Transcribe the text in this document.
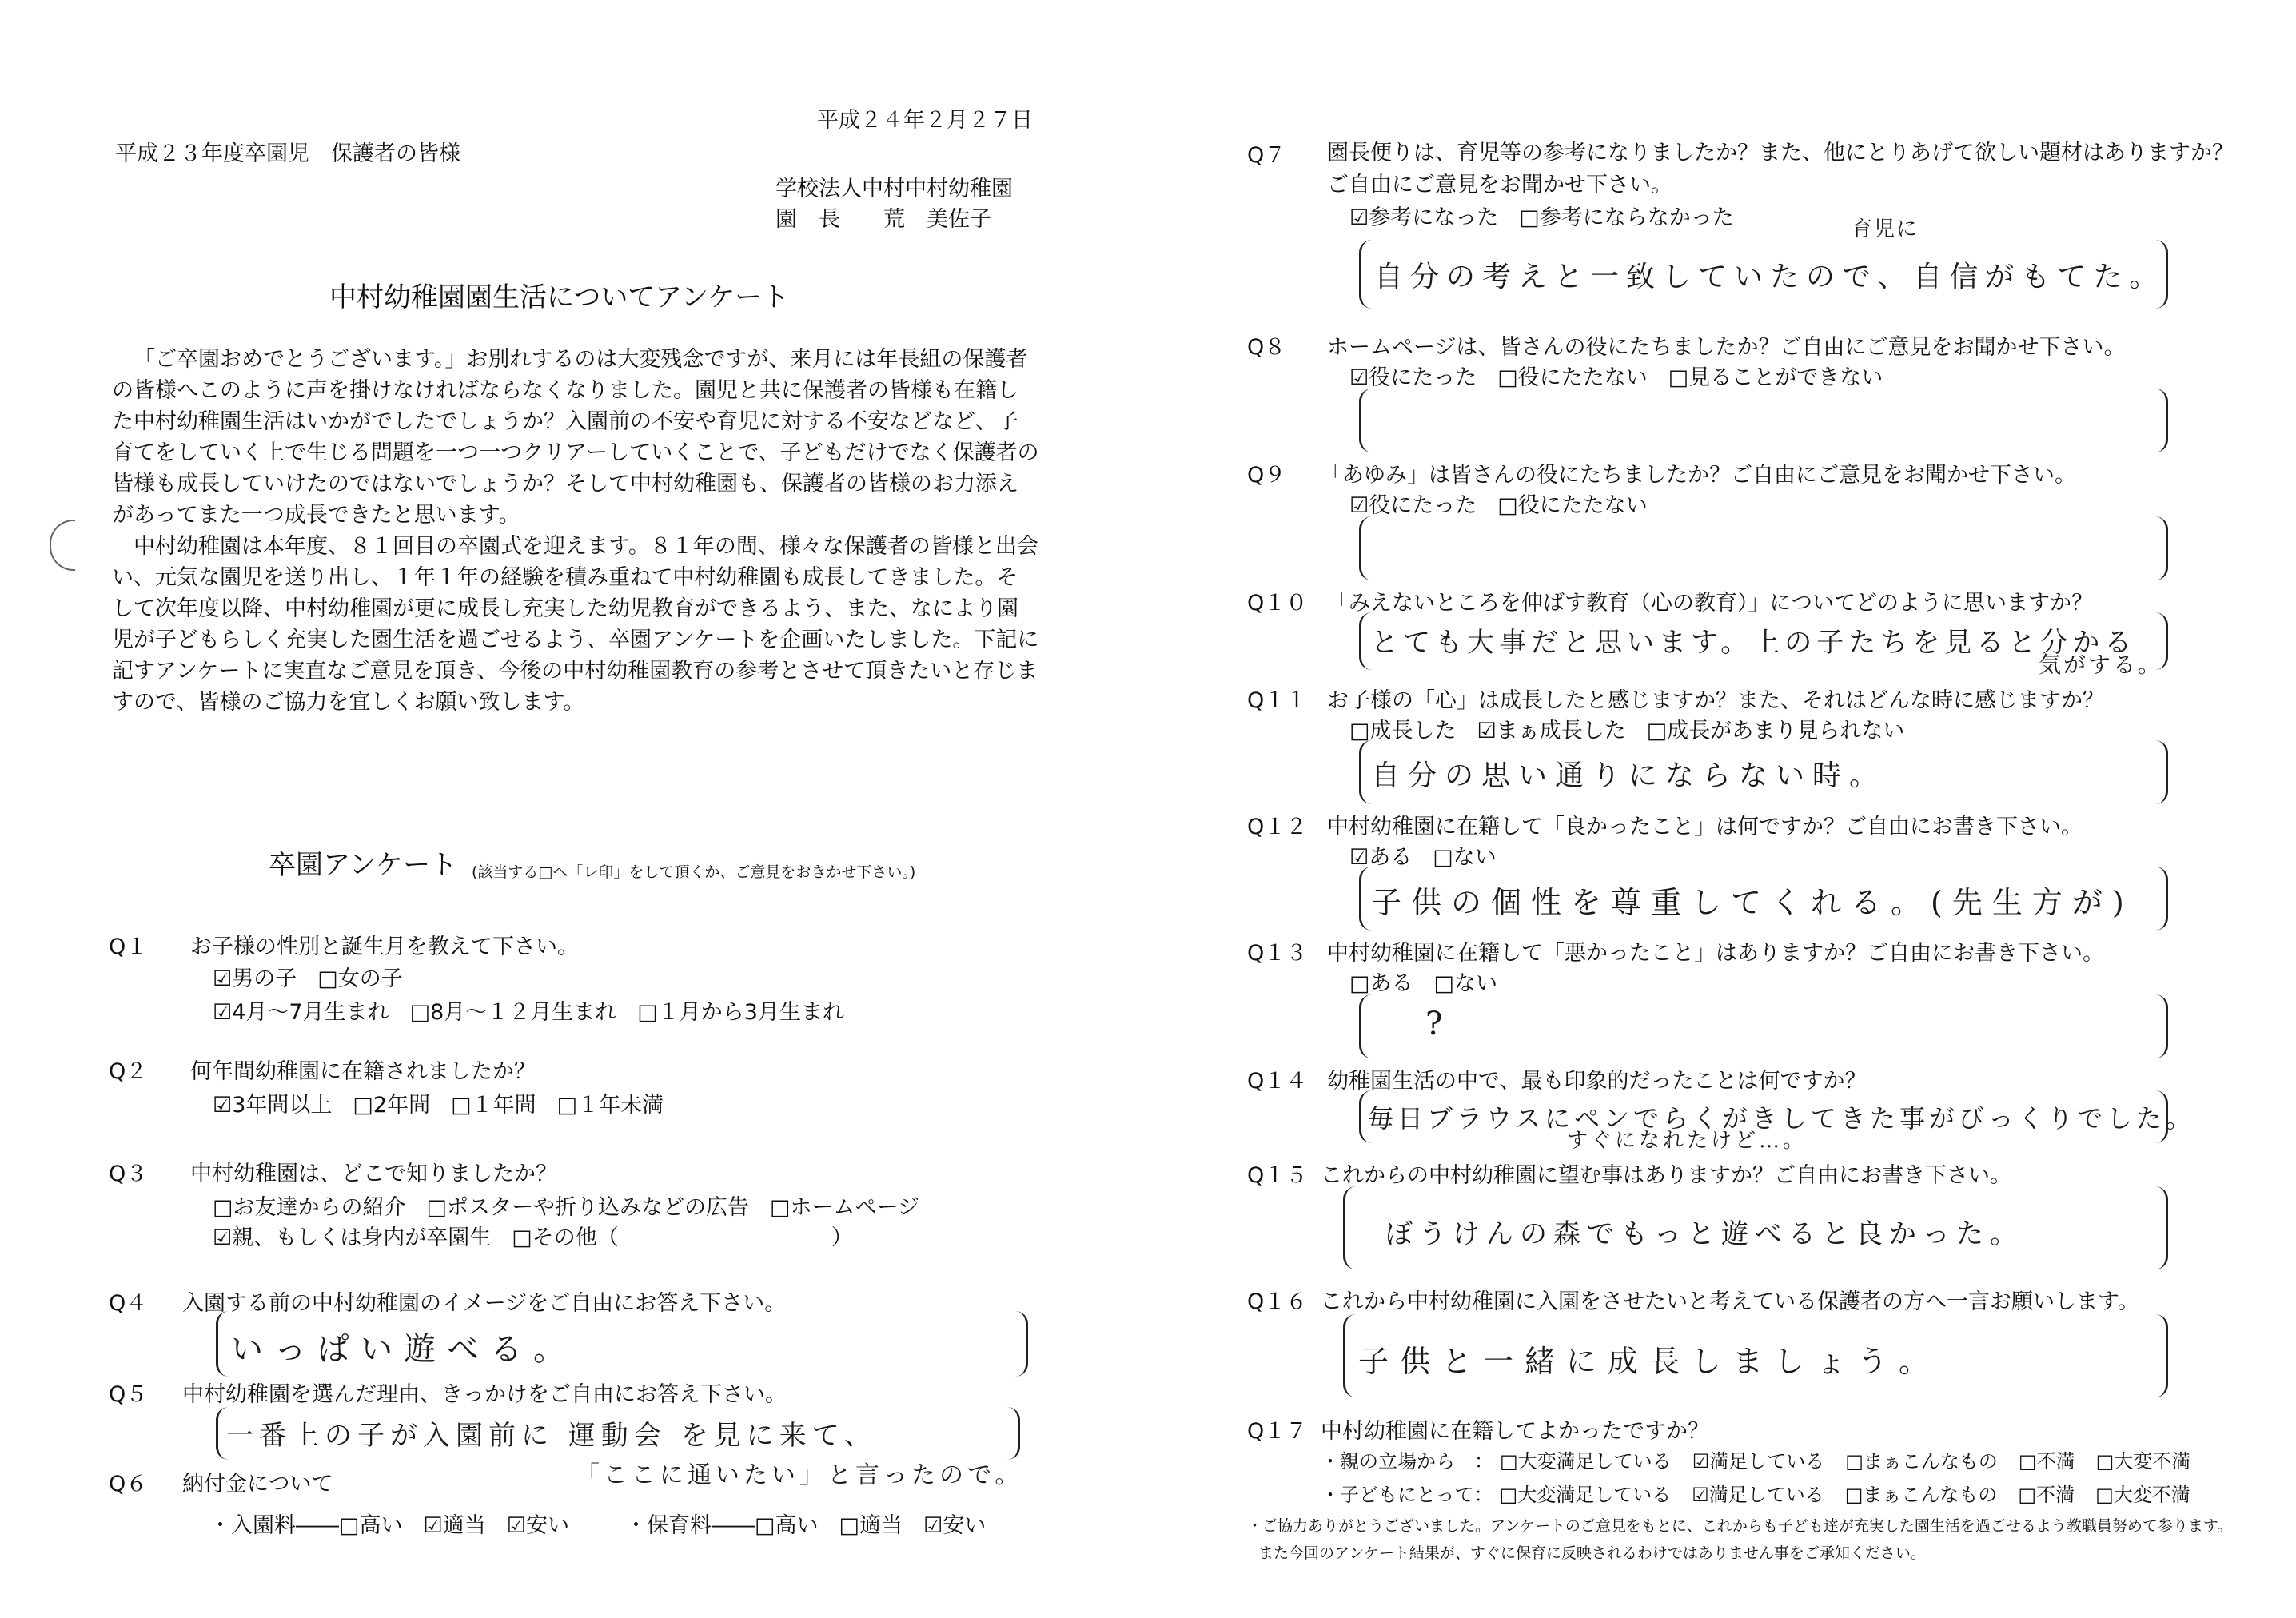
平成２４年２月２７日
平成２３年度卒園児　保護者の皆様
学校法人中村中村幼稚園
園　長　　荒　美佐子
中村幼稚園園生活についてアンケート

「ご卒園おめでとうございます。」お別れするのは大変残念ですが、来月には年長組の保護者の皆様へこのように声を掛けなければならなくなりました。園児と共に保護者の皆様も在籍した中村幼稚園生活はいかがでしたでしょうか？入園前の不安や育児に対する不安などなど、子育てをしていく上で生じる問題を一つ一つクリアーしていくことで、子どもだけでなく保護者の皆様も成長していけたのではないでしょうか？そして中村幼稚園も、保護者の皆様のお力添えがあってまた一つ成長できたと思います。

中村幼稚園は本年度、８１回目の卒園式を迎えます。８１年の間、様々な保護者の皆様と出会い、元気な園児を送り出し、１年１年の経験を積み重ねて中村幼稚園も成長してきました。そして次年度以降、中村幼稚園が更に成長し充実した幼児教育ができるよう、また、なにより園児が子どもらしく充実した園生活を過ごせるよう、卒園アンケートを企画いたしました。下記に記すアンケートに実直なご意見を頂き、今後の中村幼稚園教育の参考とさせて頂きたいと存じますので、皆様のご協力を宜しくお願い致します。

卒園アンケート (該当する□へ「レ印」をして頂くか、ご意見をおきかせ下さい。)
Q１ お子様の性別と誕生月を教えて下さい。
☑男の子 □女の子
☑4月～7月生まれ □8月～１２月生まれ □１月から3月生まれ
Q２ 何年間幼稚園に在籍されましたか？
☑3年間以上 □2年間 □１年間 □１年未満
Q３ 中村幼稚園は、どこで知りましたか？
□お友達からの紹介 □ポスターや折り込みなどの広告 □ホームページ
☑親、もしくは身内が卒園生 □その他（	）
Q４ 入園する前の中村幼稚園のイメージをご自由にお答え下さい。
いっぱい遊べる。
Q５ 中村幼稚園を選んだ理由、きっかけをご自由にお答え下さい。
一番上の子が入園前に 運動会 を見に来て、
「ここに通いたい」と言ったので。
Q６ 納付金について
・入園料――□高い ☑適当 ☑安い	・保育料――□高い □適当 ☑安い
Q７ 園長便りは、育児等の参考になりましたか？また、他にとりあげて欲しい題材はありますか？ご自由にご意見をお聞かせ下さい。
☑参考になった □参考にならなかった	育児に
自分の考えと一致していたので、自信がもてた。
Q８ ホームページは、皆さんの役にたちましたか？ご自由にご意見をお聞かせ下さい。
☑役にたった □役にたたない □見ることができない
Q９ 「あゆみ」は皆さんの役にたちましたか？ご自由にご意見をお聞かせ下さい。
☑役にたった □役にたたない
Q１０ 「みえないところを伸ばす教育（心の教育）」についてどのように思いますか？
とても大事だと思います。上の子たちを見ると分かる
気がする。
Q１１ お子様の「心」は成長したと感じますか？また、それはどんな時に感じますか？
□成長した ☑まぁ成長した □成長があまり見られない
自分の思い通りにならない時。
Q１２ 中村幼稚園に在籍して「良かったこと」は何ですか？ご自由にお書き下さい。
☑ある □ない
子供の個性を尊重してくれる。(先生方が)
Q１３ 中村幼稚園に在籍して「悪かったこと」はありますか？ご自由にお書き下さい。
□ある □ない
?
Q１４ 幼稚園生活の中で、最も印象的だったことは何ですか？
毎日ブラウスにペンでらくがきしてきた事がびっくりでした。
すぐになれたけど…。
Q１５ これからの中村幼稚園に望む事はありますか？ご自由にお書き下さい。
ぼうけんの森でもっと遊べると良かった。
Q１６ これから中村幼稚園に入園をさせたいと考えている保護者の方へ一言お願いします。
子供と一緒に成長しましょう。
Q１７ 中村幼稚園に在籍してよかったですか？
・親の立場から　： □大変満足している ☑満足している □まぁこんなもの □不満 □大変不満
・子どもにとって： □大変満足している ☑満足している □まぁこんなもの □不満 □大変不満
・ご協力ありがとうございました。アンケートのご意見をもとに、これからも子ども達が充実した園生活を過ごせるよう教職員努めて参ります。
また今回のアンケート結果が、すぐに保育に反映されるわけではありません事をご承知ください。
